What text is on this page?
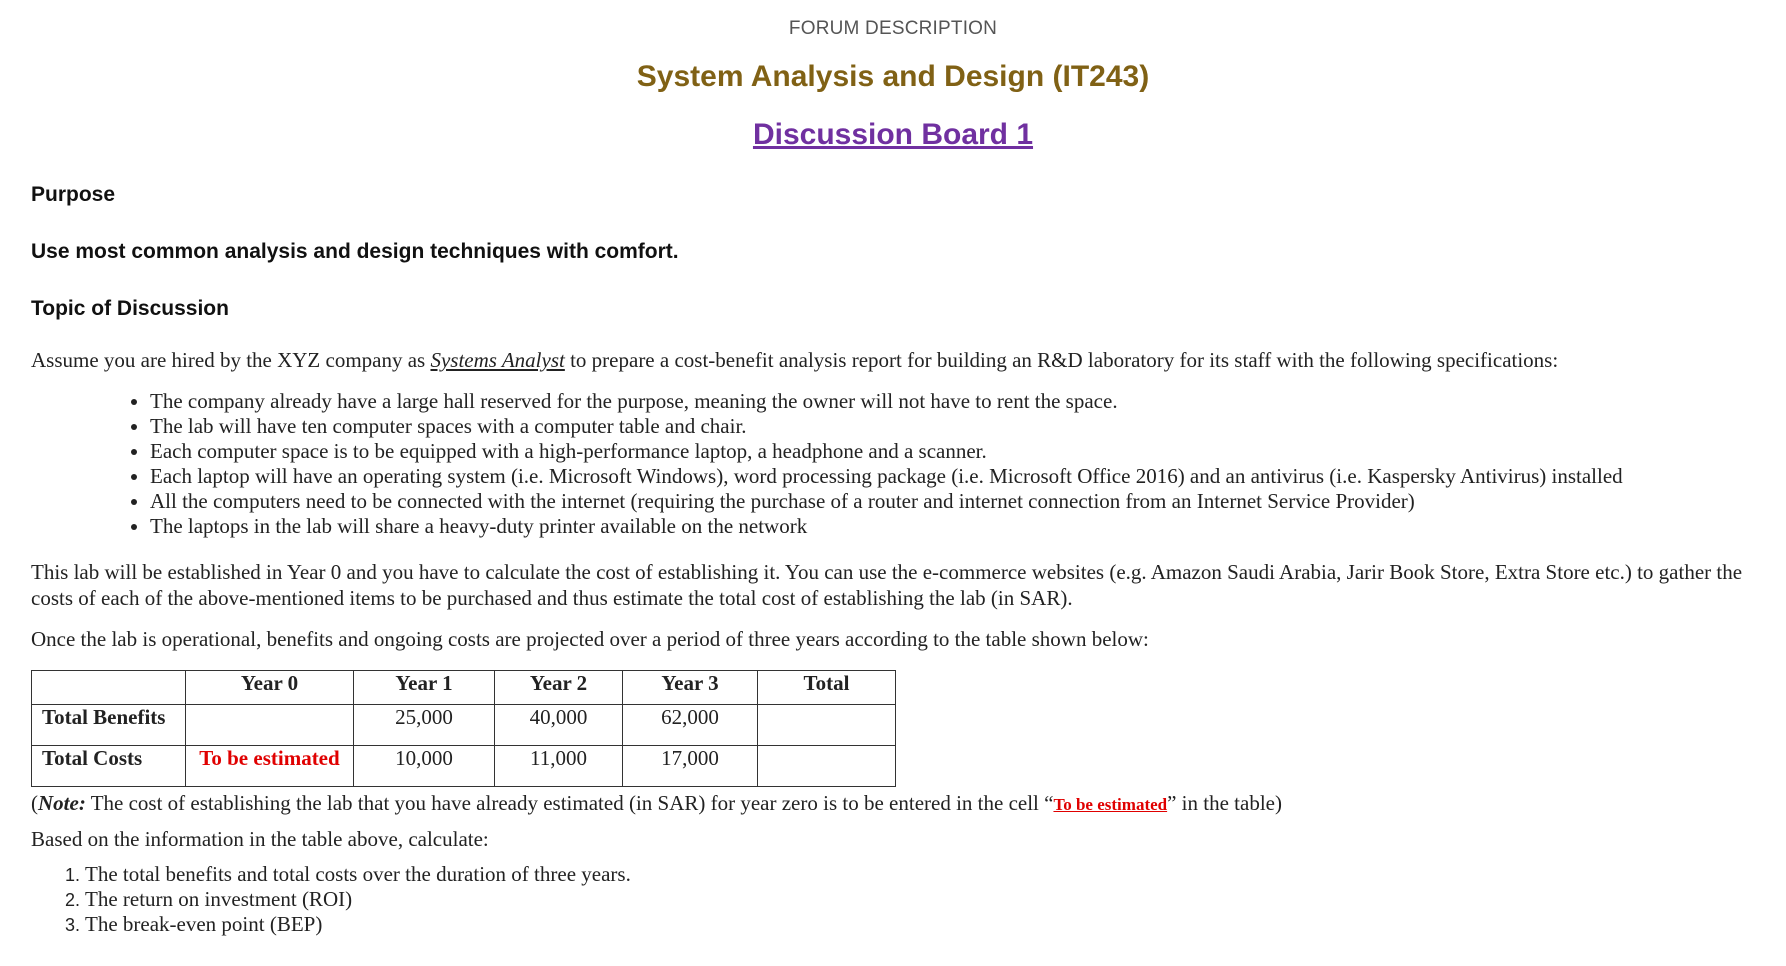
FORUM DESCRIPTION
System Analysis and Design (IT243)
Discussion Board 1
Purpose
Use most common analysis and design techniques with comfort.
Topic of Discussion
Assume you are hired by the XYZ company as Systems Analyst to prepare a cost-benefit analysis report for building an R&D laboratory for its staff with the following specifications:
• The company already have a large hall reserved for the purpose, meaning the owner will not have to rent the space.
• The lab will have ten computer spaces with a computer table and chair.
• Each computer space is to be equipped with a high-performance laptop, a headphone and a scanner.
• Each laptop will have an operating system (i.e. Microsoft Windows), word processing package (i.e. Microsoft Office 2016) and an antivirus (i.e. Kaspersky Antivirus) installed
• All the computers need to be connected with the internet (requiring the purchase of a router and internet connection from an Internet Service Provider)
• The laptops in the lab will share a heavy-duty printer available on the network
This lab will be established in Year 0 and you have to calculate the cost of establishing it. You can use the e-commerce websites (e.g. Amazon Saudi Arabia, Jarir Book Store, Extra Store etc.) to gather the costs of each of the above-mentioned items to be purchased and thus estimate the total cost of establishing the lab (in SAR).
Once the lab is operational, benefits and ongoing costs are projected over a period of three years according to the table shown below:
	Year 0	Year 1	Year 2	Year 3	Total
Total Benefits		25,000	40,000	62,000	
Total Costs	To be estimated	10,000	11,000	17,000	
(Note: The cost of establishing the lab that you have already estimated (in SAR) for year zero is to be entered in the cell “To be estimated” in the table)
Based on the information in the table above, calculate:
1. The total benefits and total costs over the duration of three years.
2. The return on investment (ROI)
3. The break-even point (BEP)
